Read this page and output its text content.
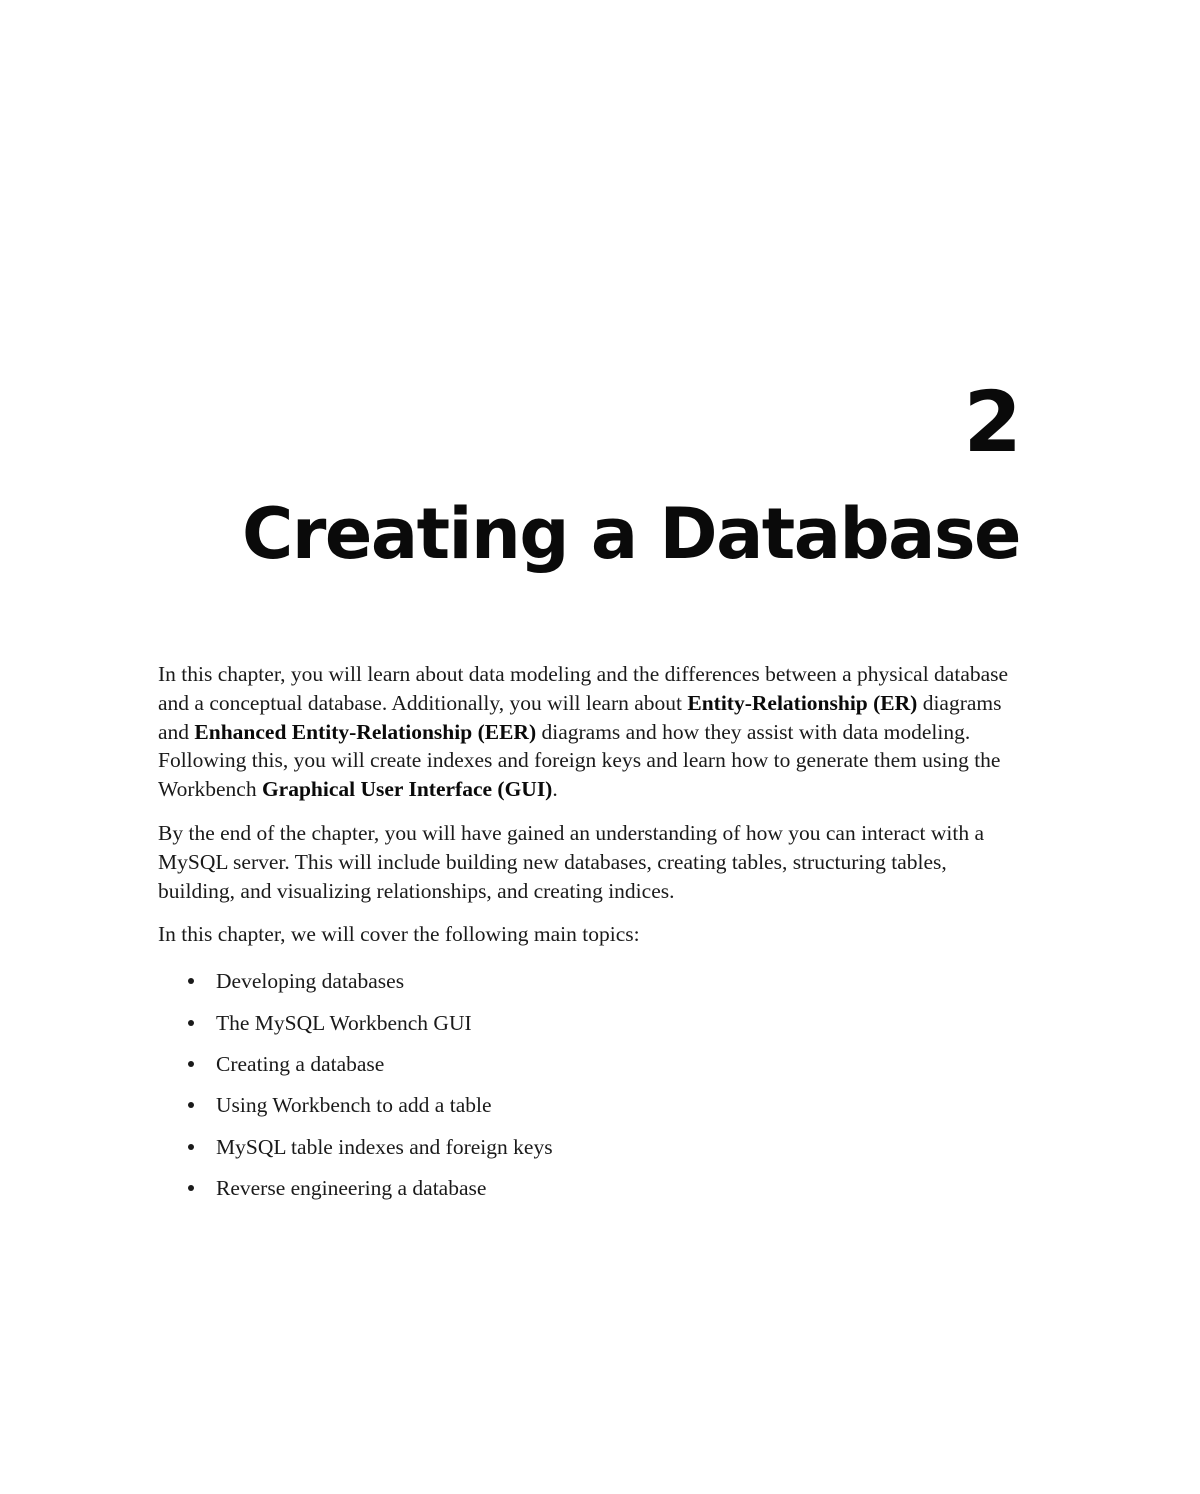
2
Creating a Database

In this chapter, you will learn about data modeling and the differences between a physical database and a conceptual database. Additionally, you will learn about Entity-Relationship (ER) diagrams and Enhanced Entity-Relationship (EER) diagrams and how they assist with data modeling. Following this, you will create indexes and foreign keys and learn how to generate them using the Workbench Graphical User Interface (GUI).

By the end of the chapter, you will have gained an understanding of how you can interact with a MySQL server. This will include building new databases, creating tables, structuring tables, building, and visualizing relationships, and creating indices.

In this chapter, we will cover the following main topics:

Developing databases
The MySQL Workbench GUI
Creating a database
Using Workbench to add a table
MySQL table indexes and foreign keys
Reverse engineering a database
